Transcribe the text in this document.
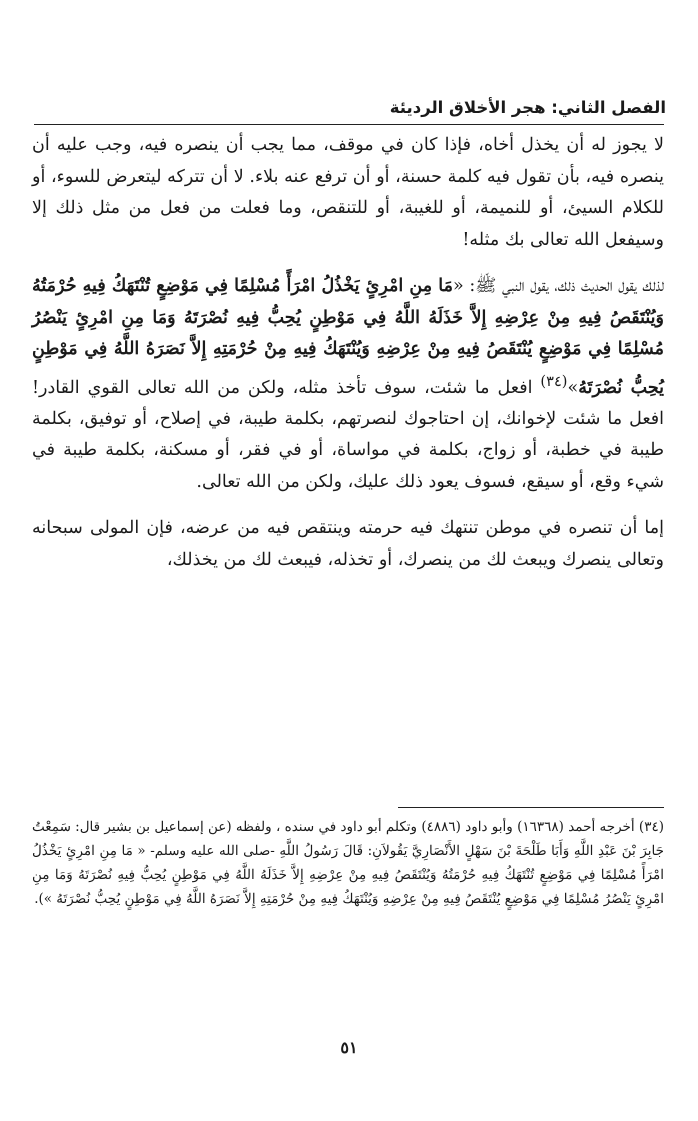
الفصل الثاني: هجر الأخلاق الرديئة

لا يجوز له أن يخذل أخاه، فإذا كان في موقف، مما يجب أن ينصره فيه، وجب عليه أن ينصره فيه، بأن تقول فيه كلمة حسنة، أو أن ترفع عنه بلاء. لا أن تتركه ليتعرض للسوء، أو للكلام السيئ، أو للنميمة، أو للغيبة، أو للتنقص، وما فعلت من فعل من مثل ذلك إلا وسيفعل الله تعالى بك مثله!

لذلك يقول الحديث ذلك، يقول النبي ﷺ: «مَا مِنِ امْرِئٍ يَخْذُلُ امْرَأً مُسْلِمًا فِي مَوْضِعٍ تُنْتَهَكُ فِيهِ حُرْمَتُهُ وَيُنْتَقَصُ فِيهِ مِنْ عِرْضِهِ إِلاَّ خَذَلَهُ اللَّهُ فِي مَوْطِنٍ يُحِبُّ فِيهِ نُصْرَتَهُ وَمَا مِنِ امْرِئٍ يَنْصُرُ مُسْلِمًا فِي مَوْضِعٍ يُنْتَقَصُ فِيهِ مِنْ عِرْضِهِ وَيُنْتَهَكُ فِيهِ مِنْ حُرْمَتِهِ إِلاَّ نَصَرَهُ اللَّهُ فِي مَوْطِنٍ يُحِبُّ نُصْرَتَهُ»$^{(٣٤)}$ افعل ما شئت، سوف تأخذ مثله، ولكن من الله تعالى القوي القادر! افعل ما شئت لإخوانك، إن احتاجوك لنصرتهم، بكلمة طيبة، في إصلاح، أو توفيق، بكلمة طيبة في خطبة، أو زواج، بكلمة في مواساة، أو في فقر، أو مسكنة، بكلمة طيبة في شيء وقع، أو سيقع، فسوف يعود ذلك عليك، ولكن من الله تعالى.

إما أن تنصره في موطن تنتهك فيه حرمته وينتقص فيه من عرضه، فإن المولى سبحانه وتعالى ينصرك ويبعث لك من ينصرك، أو تخذله، فيبعث لك من يخذلك،

(٣٤) أخرجه أحمد (١٦٣٦٨) وأبو داود (٤٨٨٦) وتكلم أبو داود في سنده ، ولفظه (عن إسماعيل بن بشير قال: سَمِعْتُ جَابِرَ بْنَ عَبْدِ اللَّهِ وَأَبَا طَلْحَةَ بْنَ سَهْلٍ الأَنْصَارِيَّ يَقُولاَنِ: قَالَ رَسُولُ اللَّهِ -صلى الله عليه وسلم- « مَا مِنِ امْرِئٍ يَخْذُلُ امْرَأً مُسْلِمًا فِي مَوْضِعٍ تُنْتَهَكُ فِيهِ حُرْمَتُهُ وَيُنْتَقَصُ فِيهِ مِنْ عِرْضِهِ إِلاَّ خَذَلَهُ اللَّهُ فِي مَوْطِنٍ يُحِبُّ فِيهِ نُصْرَتَهُ وَمَا مِنِ امْرِئٍ يَنْصُرُ مُسْلِمًا فِي مَوْضِعٍ يُنْتَقَصُ فِيهِ مِنْ عِرْضِهِ وَيُنْتَهَكُ فِيهِ مِنْ حُرْمَتِهِ إِلاَّ نَصَرَهُ اللَّهُ فِي مَوْطِنٍ يُحِبُّ نُصْرَتَهُ »).

٥١
